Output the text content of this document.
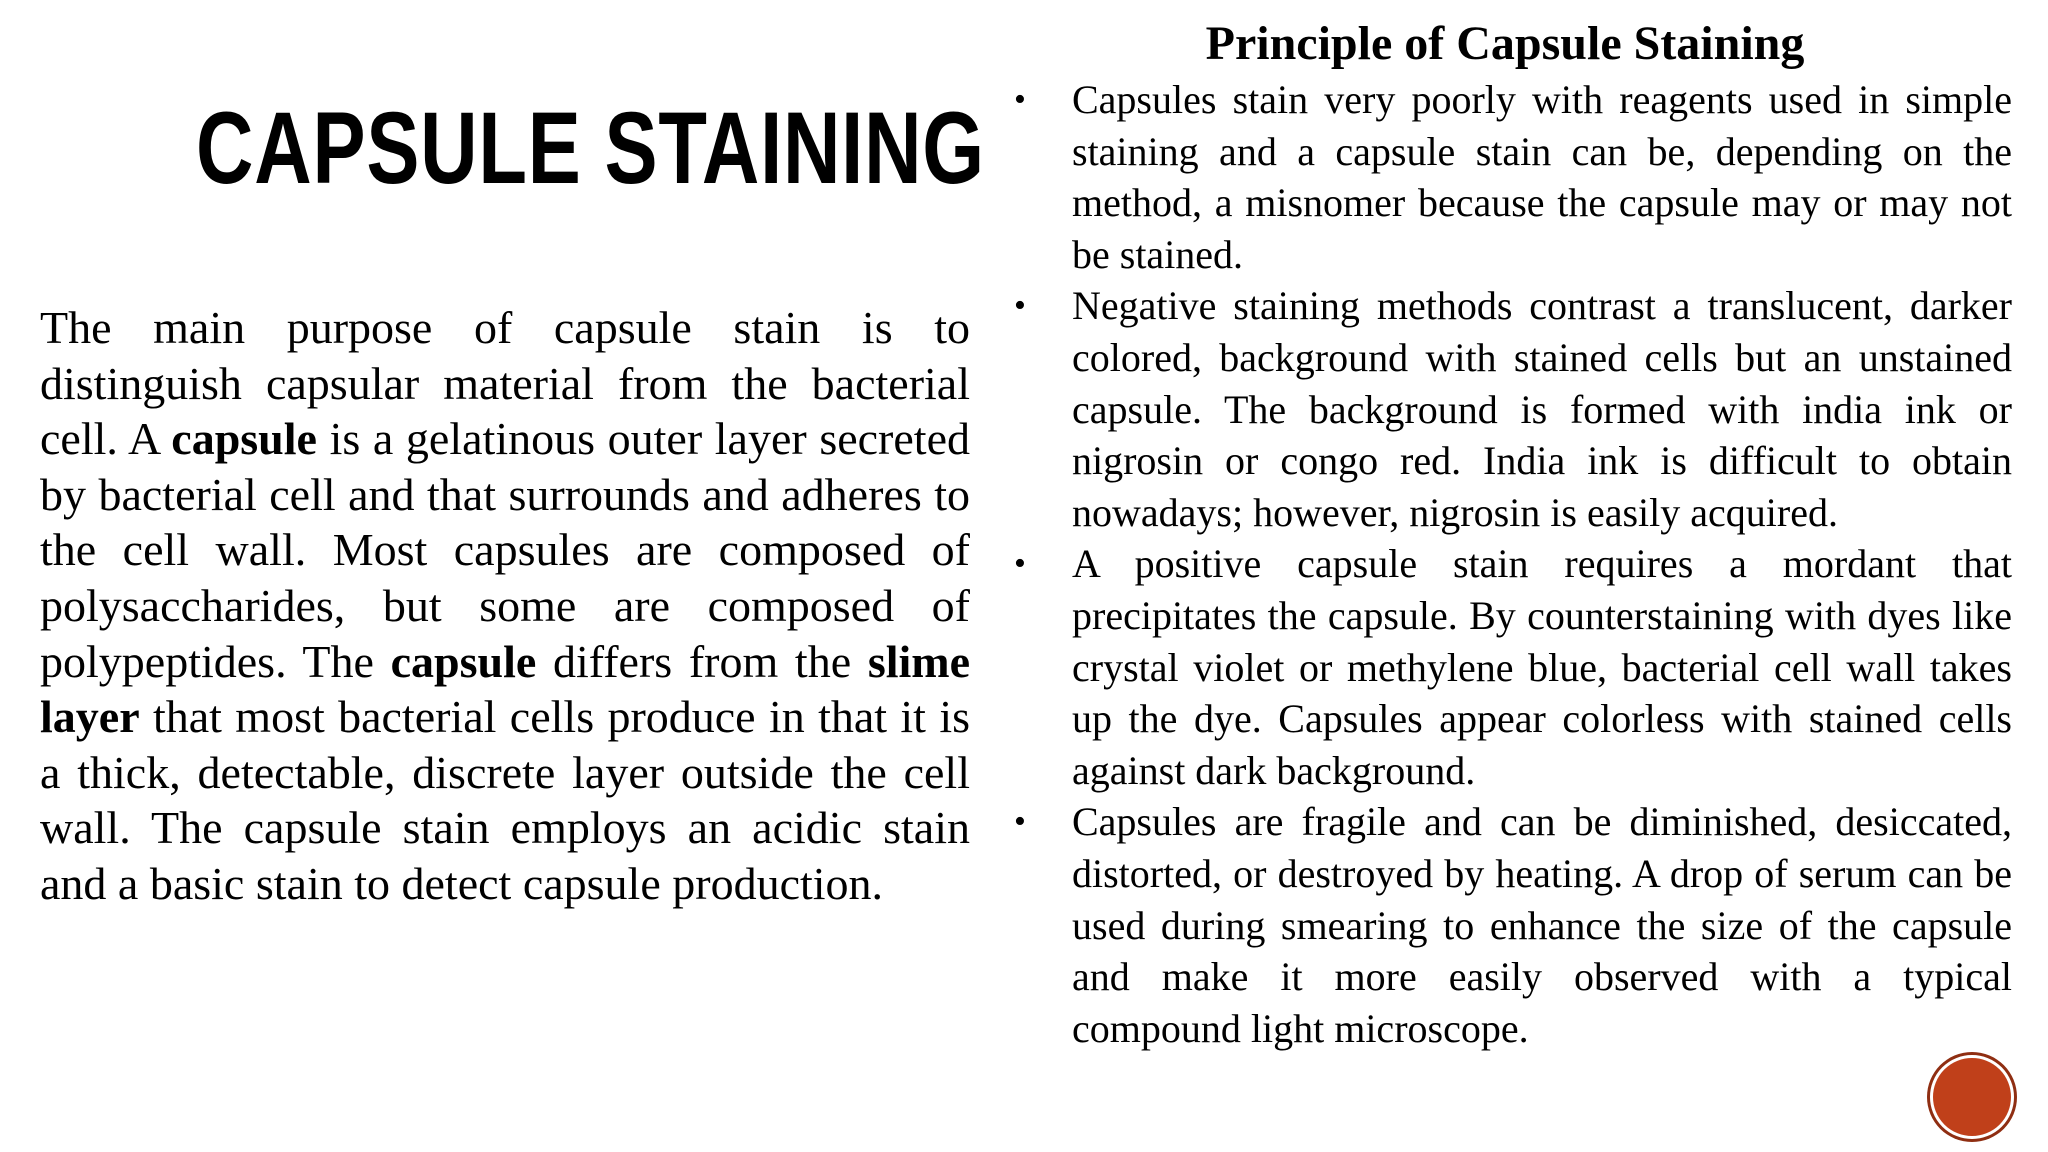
CAPSULE STAINING
The main purpose of capsule stain is to distinguish capsular material from the bacterial cell. A capsule is a gelatinous outer layer secreted by bacterial cell and that surrounds and adheres to the cell wall. Most capsules are composed of polysaccharides, but some are composed of polypeptides. The capsule differs from the slime layer that most bacterial cells produce in that it is a thick, detectable, discrete layer outside the cell wall. The capsule stain employs an acidic stain and a basic stain to detect capsule production.
Principle of Capsule Staining
• Capsules stain very poorly with reagents used in simple staining and a capsule stain can be, depending on the method, a misnomer because the capsule may or may not be stained.
• Negative staining methods contrast a translucent, darker colored, background with stained cells but an unstained capsule. The background is formed with india ink or nigrosin or congo red. India ink is difficult to obtain nowadays; however, nigrosin is easily acquired.
• A positive capsule stain requires a mordant that precipitates the capsule. By counterstaining with dyes like crystal violet or methylene blue, bacterial cell wall takes up the dye. Capsules appear colorless with stained cells against dark background.
• Capsules are fragile and can be diminished, desiccated, distorted, or destroyed by heating. A drop of serum can be used during smearing to enhance the size of the capsule and make it more easily observed with a typical compound light microscope.
